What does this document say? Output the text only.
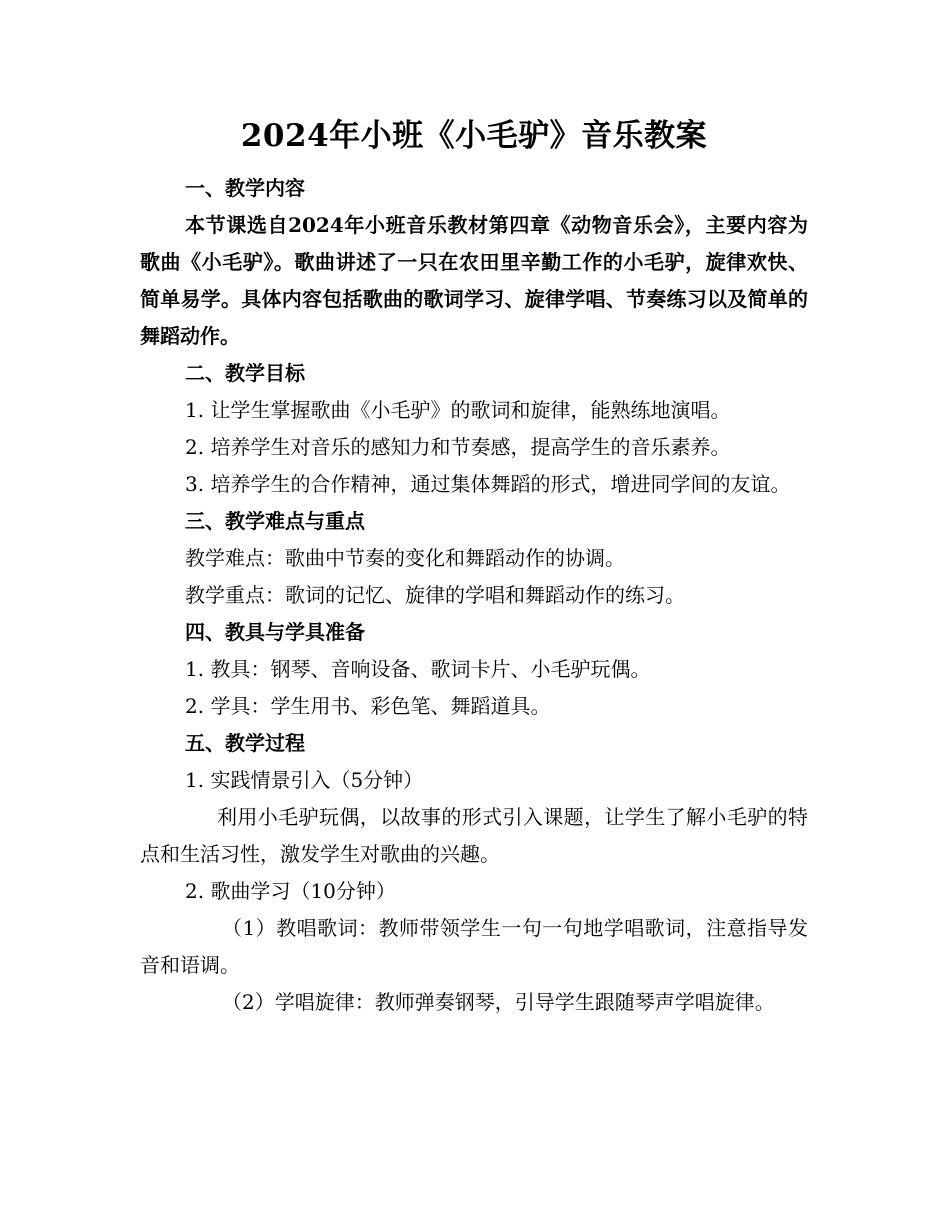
2024年小班《小毛驴》音乐教案

一、教学内容

本节课选自2024年小班音乐教材第四章《动物音乐会》，主要内容为歌曲《小毛驴》。歌曲讲述了一只在农田里辛勤工作的小毛驴，旋律欢快、简单易学。具体内容包括歌曲的歌词学习、旋律学唱、节奏练习以及简单的舞蹈动作。

二、教学目标

1. 让学生掌握歌曲《小毛驴》的歌词和旋律，能熟练地演唱。

2. 培养学生对音乐的感知力和节奏感，提高学生的音乐素养。

3. 培养学生的合作精神，通过集体舞蹈的形式，增进同学间的友谊。

三、教学难点与重点

教学难点：歌曲中节奏的变化和舞蹈动作的协调。

教学重点：歌词的记忆、旋律的学唱和舞蹈动作的练习。

四、教具与学具准备

1. 教具：钢琴、音响设备、歌词卡片、小毛驴玩偶。

2. 学具：学生用书、彩色笔、舞蹈道具。

五、教学过程

1. 实践情景引入（5分钟）

利用小毛驴玩偶，以故事的形式引入课题，让学生了解小毛驴的特点和生活习性，激发学生对歌曲的兴趣。

2. 歌曲学习（10分钟）

（1）教唱歌词：教师带领学生一句一句地学唱歌词，注意指导发音和语调。

（2）学唱旋律：教师弹奏钢琴，引导学生跟随琴声学唱旋律。
